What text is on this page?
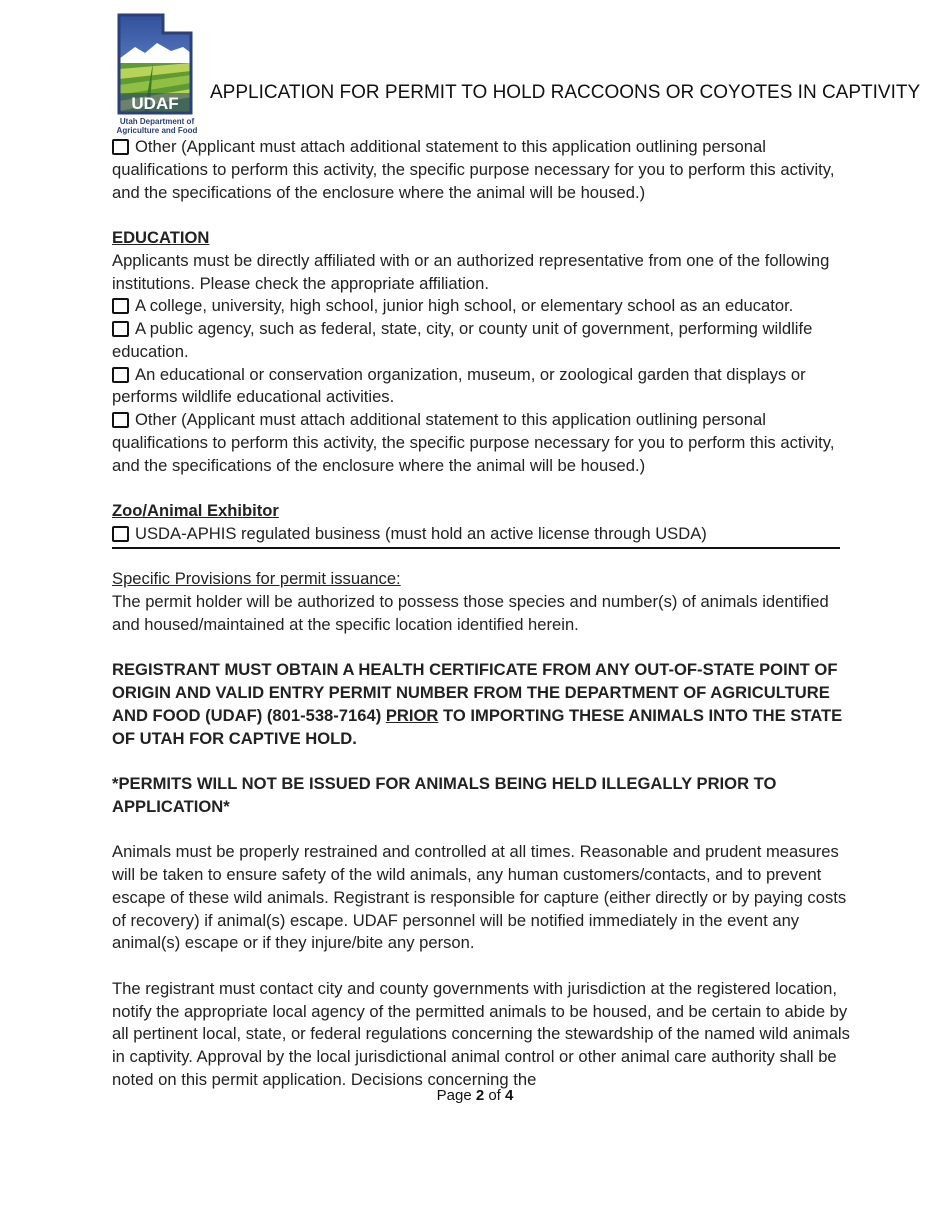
UDAF
Utah Department of
Agriculture and Food
APPLICATION FOR PERMIT TO HOLD RACCOONS OR COYOTES IN CAPTIVITY

Other (Applicant must attach additional statement to this application outlining personal qualifications to perform this activity, the specific purpose necessary for you to perform this activity, and the specifications of the enclosure where the animal will be housed.)

EDUCATION

Applicants must be directly affiliated with or an authorized representative from one of the following institutions. Please check the appropriate affiliation.

A college, university, high school, junior high school, or elementary school as an educator.

A public agency, such as federal, state, city, or county unit of government, performing wildlife education.

An educational or conservation organization, museum, or zoological garden that displays or performs wildlife educational activities.

Other (Applicant must attach additional statement to this application outlining personal qualifications to perform this activity, the specific purpose necessary for you to perform this activity, and the specifications of the enclosure where the animal will be housed.)

Zoo/Animal Exhibitor

USDA-APHIS regulated business (must hold an active license through USDA)

Specific Provisions for permit issuance:

The permit holder will be authorized to possess those species and number(s) of animals identified and housed/maintained at the specific location identified herein.

REGISTRANT MUST OBTAIN A HEALTH CERTIFICATE FROM ANY OUT-OF-STATE POINT OF ORIGIN AND VALID ENTRY PERMIT NUMBER FROM THE DEPARTMENT OF AGRICULTURE AND FOOD (UDAF) (801-538-7164) PRIOR TO IMPORTING THESE ANIMALS INTO THE STATE OF UTAH FOR CAPTIVE HOLD.

*PERMITS WILL NOT BE ISSUED FOR ANIMALS BEING HELD ILLEGALLY PRIOR TO APPLICATION*

Animals must be properly restrained and controlled at all times. Reasonable and prudent measures will be taken to ensure safety of the wild animals, any human customers/contacts, and to prevent escape of these wild animals. Registrant is responsible for capture (either directly or by paying costs of recovery) if animal(s) escape. UDAF personnel will be notified immediately in the event any animal(s) escape or if they injure/bite any person.

The registrant must contact city and county governments with jurisdiction at the registered location, notify the appropriate local agency of the permitted animals to be housed, and be certain to abide by all pertinent local, state, or federal regulations concerning the stewardship of the named wild animals in captivity. Approval by the local jurisdictional animal control or other animal care authority shall be noted on this permit application. Decisions concerning the

Page 2 of 4
